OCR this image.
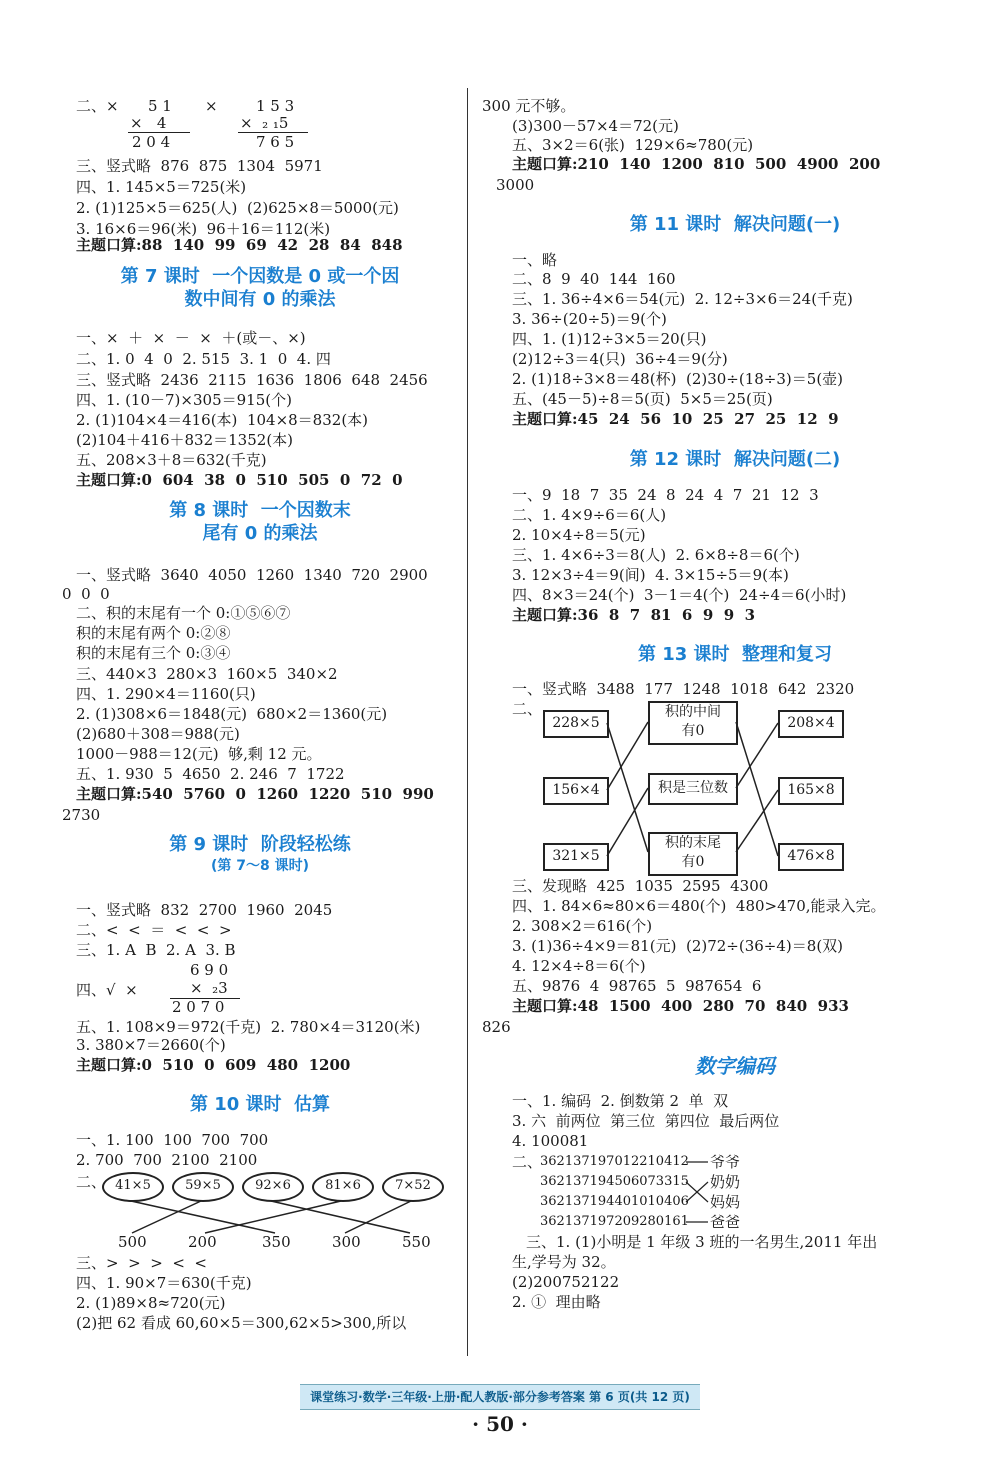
二、× 5 1
×   4
2 0 4
×	1 5 3
×  ₂ ₁5
7 6 5
三、竖式略  876  875  1304  5971
四、1. 145×5＝725(米)
2. (1)125×5＝625(人)  (2)625×8＝5000(元)
3. 16×6＝96(米)  96＋16＝112(米)
主题口算:88  140  99  69  42  28  84  848
第 7 课时  一个因数是 0 或一个因
数中间有 0 的乘法
一、×  ＋  ×  －  ×  ＋(或－、×)
二、1. 0  4  0  2. 515  3. 1  0  4. 四
三、竖式略  2436  2115  1636  1806  648  2456
四、1. (10－7)×305＝915(个)
2. (1)104×4＝416(本)  104×8＝832(本)
(2)104＋416＋832＝1352(本)
五、208×3＋8＝632(千克)
主题口算:0  604  38  0  510  505  0  72  0
第 8 课时  一个因数末
尾有 0 的乘法
一、竖式略  3640  4050  1260  1340  720  2900
0  0  0
二、积的末尾有一个 0:①⑤⑥⑦
积的末尾有两个 0:②⑧
积的末尾有三个 0:③④
三、440×3  280×3  160×5  340×2
四、1. 290×4＝1160(只)
2. (1)308×6＝1848(元)  680×2＝1360(元)
(2)680＋308＝988(元)
1000－988＝12(元)  够,剩 12 元。
五、1. 930  5  4650  2. 246  7  1722
主题口算:540  5760  0  1260  1220  510  990
2730
第 9 课时  阶段轻松练
(第 7～8 课时)
一、竖式略  832  2700  1960  2045
二、<  <  ＝  <  <  >
三、1. A  B  2. A  3. B
6 9 0
四、√  ×	×  ₂3
2 0 7 0
五、1. 108×9＝972(千克)  2. 780×4＝3120(米)
3. 380×7＝2660(个)
主题口算:0  510  0  609  480  1200
第 10 课时  估算
一、1. 100  100  700  700
2. 700  700  2100  2100
二、 41×5	59×5	92×6	81×6	7×52
500	200	350	300	550
三、>  >  >  <  <
四、1. 90×7＝630(千克)
2. (1)89×8≈720(元)
(2)把 62 看成 60,60×5＝300,62×5>300,所以
300 元不够。
(3)300－57×4＝72(元)
五、3×2＝6(张)  129×6≈780(元)
主题口算:210  140  1200  810  500  4900  200
3000
第 11 课时  解决问题(一)
一、略
二、8  9  40  144  160
三、1. 36÷4×6＝54(元)  2. 12÷3×6＝24(千克)
3. 36÷(20÷5)＝9(个)
四、1. (1)12÷3×5＝20(只)
(2)12÷3＝4(只)  36÷4＝9(分)
2. (1)18÷3×8＝48(杯)  (2)30÷(18÷3)＝5(壶)
五、(45－5)÷8＝5(页)  5×5＝25(页)
主题口算:45  24  56  10  25  27  25  12  9
第 12 课时  解决问题(二)
一、9  18  7  35  24  8  24  4  7  21  12  3
二、1. 4×9÷6＝6(人)
2. 10×4÷8＝5(元)
三、1. 4×6÷3＝8(人)  2. 6×8÷8＝6(个)
3. 12×3÷4＝9(间)  4. 3×15÷5＝9(本)
四、8×3＝24(个)  3－1＝4(个)  24÷4＝6(小时)
主题口算:36  8  7  81  6  9  9  3
第 13 课时  整理和复习
一、竖式略  3488  177  1248  1018  642  2320
二、
228×5
156×4
321×5
积的中间
有0
积是三位数
积的末尾
有0
208×4
165×8
476×8
三、发现略  425  1035  2595  4300
四、1. 84×6≈80×6＝480(个)  480>470,能录入完。
2. 308×2＝616(个)
3. (1)36÷4×9＝81(元)  (2)72÷(36÷4)＝8(双)
4. 12×4÷8＝6(个)
五、9876  4  98765  5  987654  6
主题口算:48  1500  400  280  70  840  933
826
数字编码
一、1. 编码  2. 倒数第 2  单  双
3. 六  前两位  第三位  第四位  最后两位
4. 100081
二、
362137197012210412
362137194506073315
362137194401010406
362137197209280161
爷爷
奶奶
妈妈
爸爸
三、1. (1)小明是 1 年级 3 班的一名男生,2011 年出
生,学号为 32。
(2)200752122
2. ①  理由略
课堂练习·数学·三年级·上册·配人教版·部分参考答案 第 6 页(共 12 页)
· 50 ·
